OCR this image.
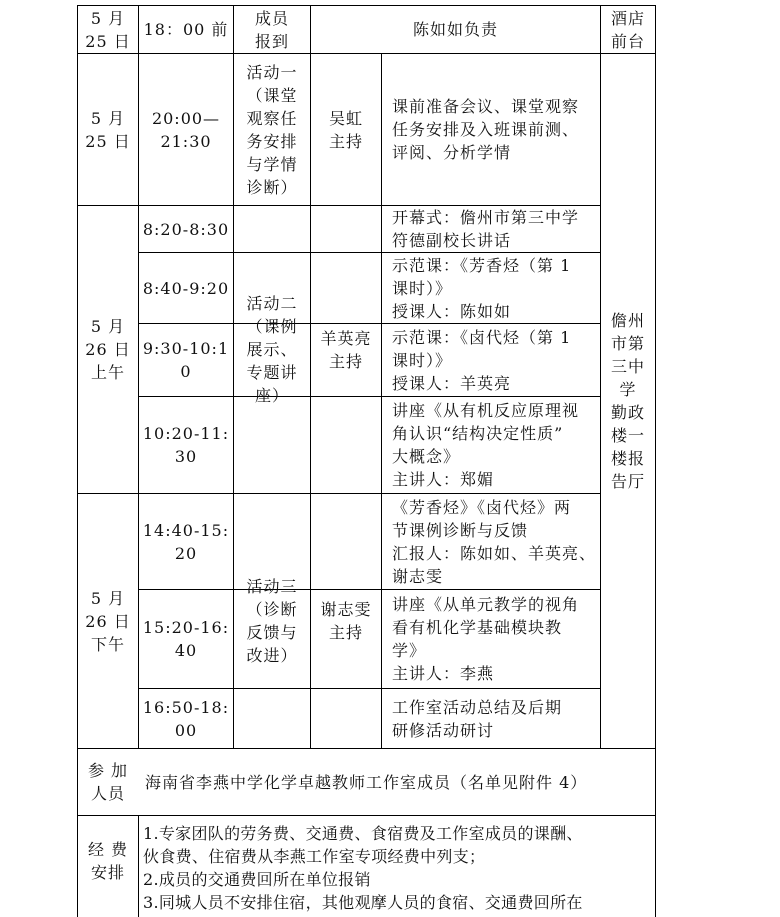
5 月
25 日
18：00 前
成员
报到
陈如如负责
酒店
前台
5 月
25 日
20:00—
21:30
活动一
（课堂
观察任
务安排
与学情
诊断）
吴虹
主持
课前准备会议、课堂观察
任务安排及入班课前测、
评阅、分析学情
5 月
26 日
上午
8:20-8:30
8:40-9:20
9:30-10:1
0
10:20-11:
30
活动二
（课例
展示、
专题讲
座）
羊英亮
主持
开幕式：儋州市第三中学
符德副校长讲话
示范课：《芳香烃（第 1
课时）》
授课人：陈如如
示范课：《卤代烃（第 1
课时）》
授课人：羊英亮
讲座《从有机反应原理视
角认识“结构决定性质”
大概念》
主讲人：郑媚
5 月
26 日
下午
14:40-15:
20
15:20-16:
40
16:50-18:
00
活动三
（诊断
反馈与
改进）
谢志雯
主持
《芳香烃》《卤代烃》两
节课例诊断与反馈
汇报人：陈如如、羊英亮、
谢志雯
讲座《从单元教学的视角
看有机化学基础模块教
学》
主讲人：李燕
工作室活动总结及后期
研修活动研讨
儋州
市第
三中
学
勤政
楼一
楼报
告厅
参 加
人员
海南省李燕中学化学卓越教师工作室成员（名单见附件 4）
经 费
安排
1.专家团队的劳务费、交通费、食宿费及工作室成员的课酬、
伙食费、住宿费从李燕工作室专项经费中列支；
2.成员的交通费回所在单位报销
3.同城人员不安排住宿，其他观摩人员的食宿、交通费回所在
